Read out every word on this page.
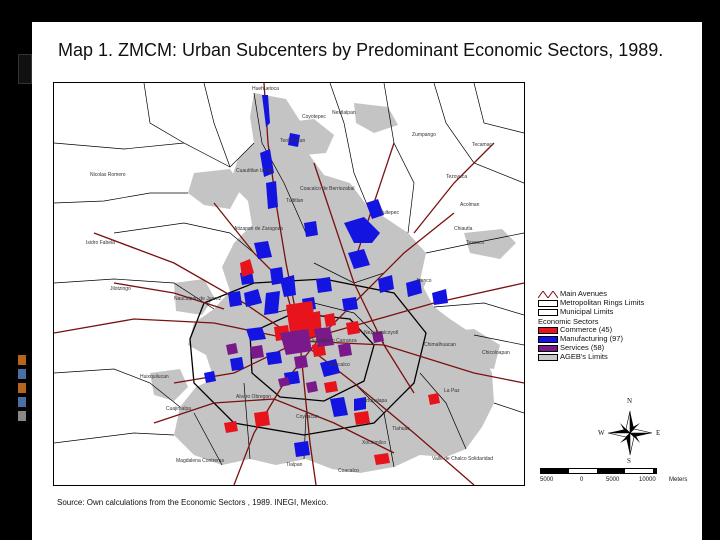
Map 1. ZMCM: Urban Subcenters by Predominant Economic Sectors, 1989.
Huehuetoca
Coyotepec
Nextlalpan
Zumpango
Teoloyucan
Tecamac
Tezoyuca
Cuautitlan Izcalli
Coacalco de Berriozabal
Nicolas Romero
Tultitlan
Tultepec
Acolman
Atizapan de Zaragoza	Chiautla
Isidro Fabela
Jilotzingo
Atenco
Chicoloapan
Naucalpan de Juarez
Nezahualcoyotl
Chimalhuacan
Venustiano Carranza
Huixquilucan
Iztacalco
Alvaro Obregon
Cuajimalpa
Iztapalapa
Coyoacan
La Paz
Tlahuac
Magdalena Contreras
Xochimilco
Valle de Chalco Solidaridad
Tlalpan
Coacalco
Texcoco
Main Avenues
Metropolitan Rings Limits
Municipal Limits
Economic Sectors
Commerce (45)
Manufacturing (97)
Services (58)
AGEB's Limits
N
S
E
W
5000	0	5000	10000 Meters
Source: Own calculations from the Economic Sectors , 1989. INEGI, Mexico.
